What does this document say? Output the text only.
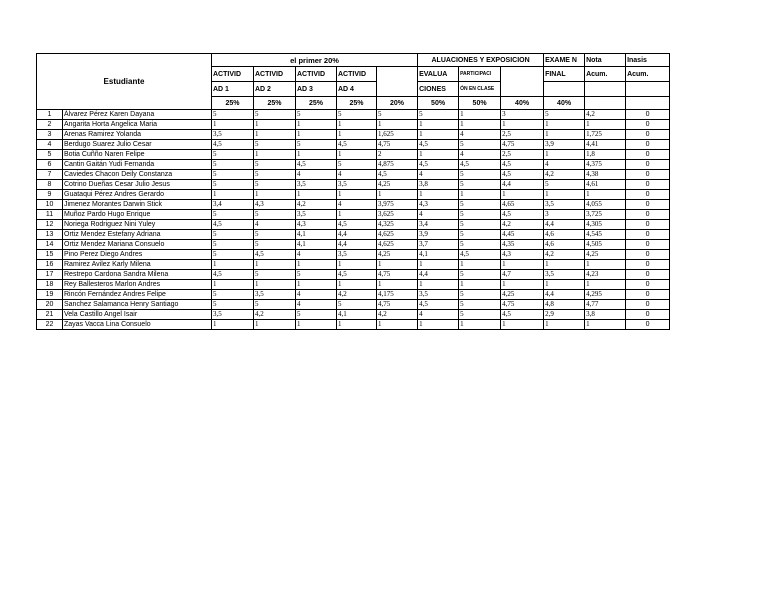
Estudiante		el primer 20%					ALUACIONES Y EXPOSICION			EXAME N	Nota	Inasis
		ACTIVID	ACTIVID	ACTIVID	ACTIVID		EVALUA	PARTICIPACI		FINAL	Acum.	Acum.
		AD 1	AD 2	AD 3	AD 4		CIONES	ÓN EN CLASE				
		25%	25%	25%	25%	20%	50%	50%	40%	40%		
1	Álvarez Pérez Karen Dayana	5	5	5	5	5	5	1	3	5	4,2	0
2	Angarita Horta Angelica Maria	1	1	1	1	1	1	1	1	1	1	0
3	Arenas Ramirez Yolanda	3,5	1	1	1	1,625	1	4	2,5	1	1,725	0
4	Berdugo Suarez Julio Cesar	4,5	5	5	4,5	4,75	4,5	5	4,75	3,9	4,41	0
5	Botia Cuñño Naren Felipe	5	1	1	1	2	1	4	2,5	1	1,8	0
6	Cantin Gaitán Yudi Fernanda	5	5	4,5	5	4,875	4,5	4,5	4,5	4	4,375	0
7	Caviedes Chacon Deily Constanza	5	5	4	4	4,5	4	5	4,5	4,2	4,38	0
8	Cotrino Dueñas Cesar Julio Jesus	5	5	3,5	3,5	4,25	3,8	5	4,4	5	4,61	0
9	Guataqui Pérez Andres Gerardo	1	1	1	1	1	1	1	1	1	1	0
10	Jimenez Morantes Darwin Stick	3,4	4,3	4,2	4	3,975	4,3	5	4,65	3,5	4,055	0
11	Muñoz Pardo Hugo Enrique	5	5	3,5	1	3,625	4	5	4,5	3	3,725	0
12	Noriega Rodriguez Nini Yuley	4,5	4	4,3	4,5	4,325	3,4	5	4,2	4,4	4,305	0
13	Ortiz Mendez Estefany Adriana	5	5	4,1	4,4	4,625	3,9	5	4,45	4,6	4,545	0
14	Ortiz Mendez Mariana Consuelo	5	5	4,1	4,4	4,625	3,7	5	4,35	4,6	4,505	0
15	Pino Perez Diego Andres	5	4,5	4	3,5	4,25	4,1	4,5	4,3	4,2	4,25	0
16	Ramirez Avilez Karly Milena	1	1	1	1	1	1	1	1	1	1	0
17	Restrepo Cardona Sandra Milena	4,5	5	5	4,5	4,75	4,4	5	4,7	3,5	4,23	0
18	Rey Ballesteros Marlon Andres	1	1	1	1	1	1	1	1	1	1	0
19	Rincón Fernández Andres Felipe	5	3,5	4	4,2	4,175	3,5	5	4,25	4,4	4,295	0
20	Sanchez Salamanca Henry Santiago	5	5	4	5	4,75	4,5	5	4,75	4,8	4,77	0
21	Vela Castillo Angel Isair	3,5	4,2	5	4,1	4,2	4	5	4,5	2,9	3,8	0
22	Zayas Vacca Lina Consuelo	1	1	1	1	1	1	1	1	1	1	0
